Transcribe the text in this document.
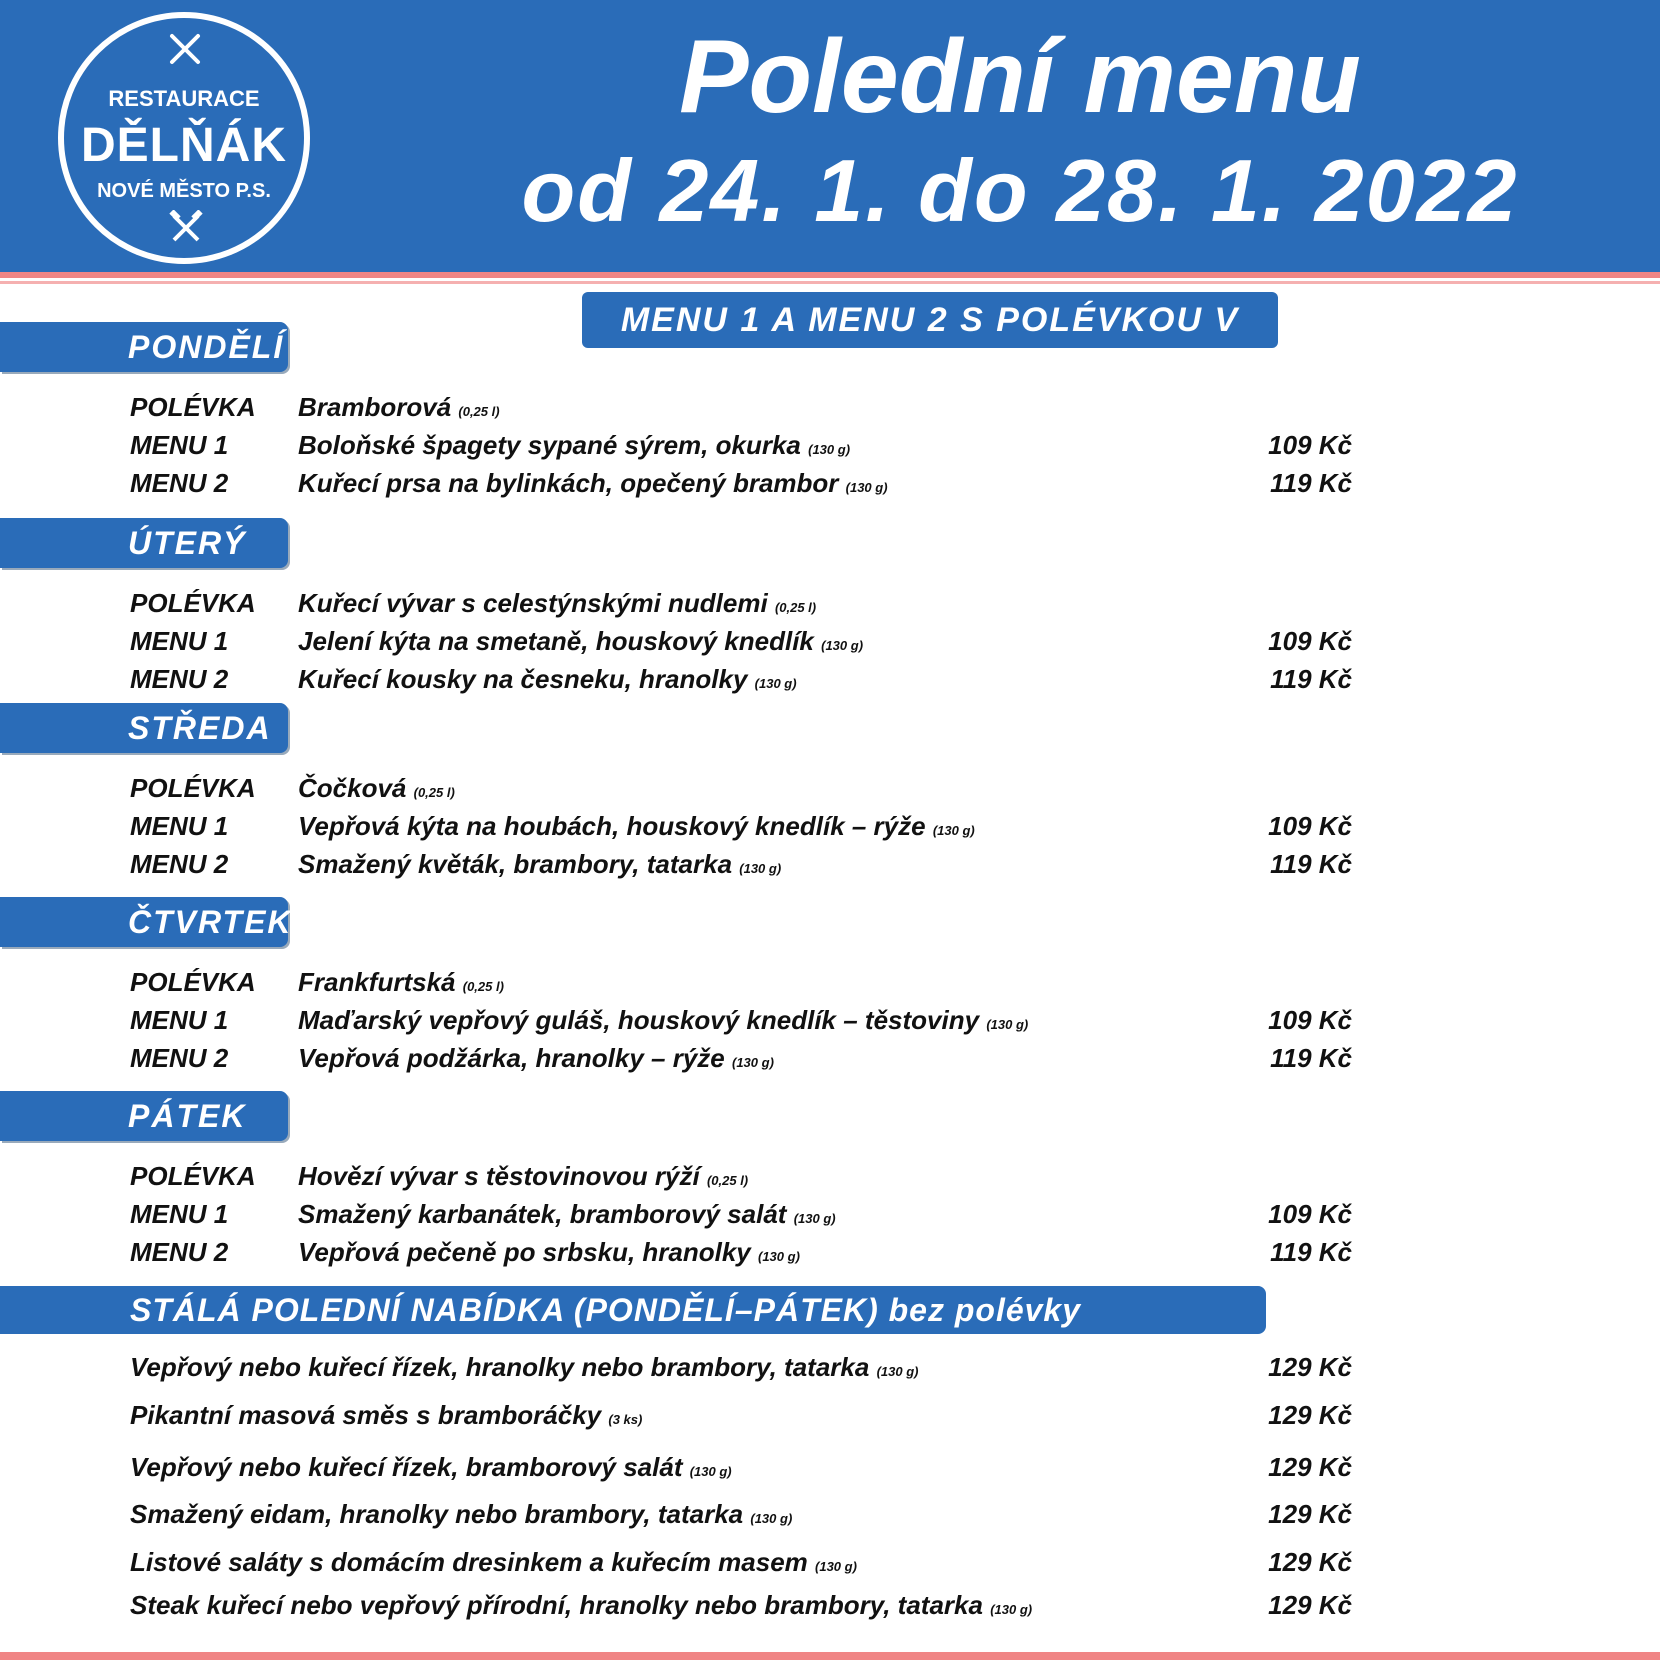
RESTAURACE
DĚLŇÁK
NOVÉ MĚSTO P.S.
Polední menu
od 24. 1. do 28. 1. 2022
MENU 1 A MENU 2 S POLÉVKOU V CENĚ
PONDĚLÍ
POLÉVKA Bramborová (0,25 l)
MENU 1	Boloňské špagety sypané sýrem, okurka (130 g)	109 Kč
MENU 2	Kuřecí prsa na bylinkách, opečený brambor (130 g)	119 Kč
ÚTERÝ
POLÉVKA Kuřecí vývar s celestýnskými nudlemi (0,25 l)
MENU 1	Jelení kýta na smetaně, houskový knedlík (130 g)	109 Kč
MENU 2	Kuřecí kousky na česneku, hranolky (130 g)	119 Kč
STŘEDA
POLÉVKA Čočková (0,25 l)
MENU 1	Vepřová kýta na houbách, houskový knedlík – rýže (130 g)	109 Kč
MENU 2	Smažený květák, brambory, tatarka (130 g)	119 Kč
ČTVRTEK
POLÉVKA Frankfurtská (0,25 l)
MENU 1	Maďarský vepřový guláš, houskový knedlík – těstoviny (130 g)	109 Kč
MENU 2	Vepřová podžárka, hranolky – rýže (130 g)	119 Kč
PÁTEK
POLÉVKA Hovězí vývar s těstovinovou rýží (0,25 l)
MENU 1	Smažený karbanátek, bramborový salát (130 g)	109 Kč
MENU 2	Vepřová pečeně po srbsku, hranolky (130 g)	119 Kč
STÁLÁ POLEDNÍ NABÍDKA (PONDĚLÍ–PÁTEK) bez polévky
Vepřový nebo kuřecí řízek, hranolky nebo brambory, tatarka (130 g)	129 Kč
Pikantní masová směs s bramboráčky (3 ks)	129 Kč
Vepřový nebo kuřecí řízek, bramborový salát (130 g)	129 Kč
Smažený eidam, hranolky nebo brambory, tatarka (130 g)	129 Kč
Listové saláty s domácím dresinkem a kuřecím masem (130 g)	129 Kč
Steak kuřecí nebo vepřový přírodní, hranolky nebo brambory, tatarka (130 g)	129 Kč
